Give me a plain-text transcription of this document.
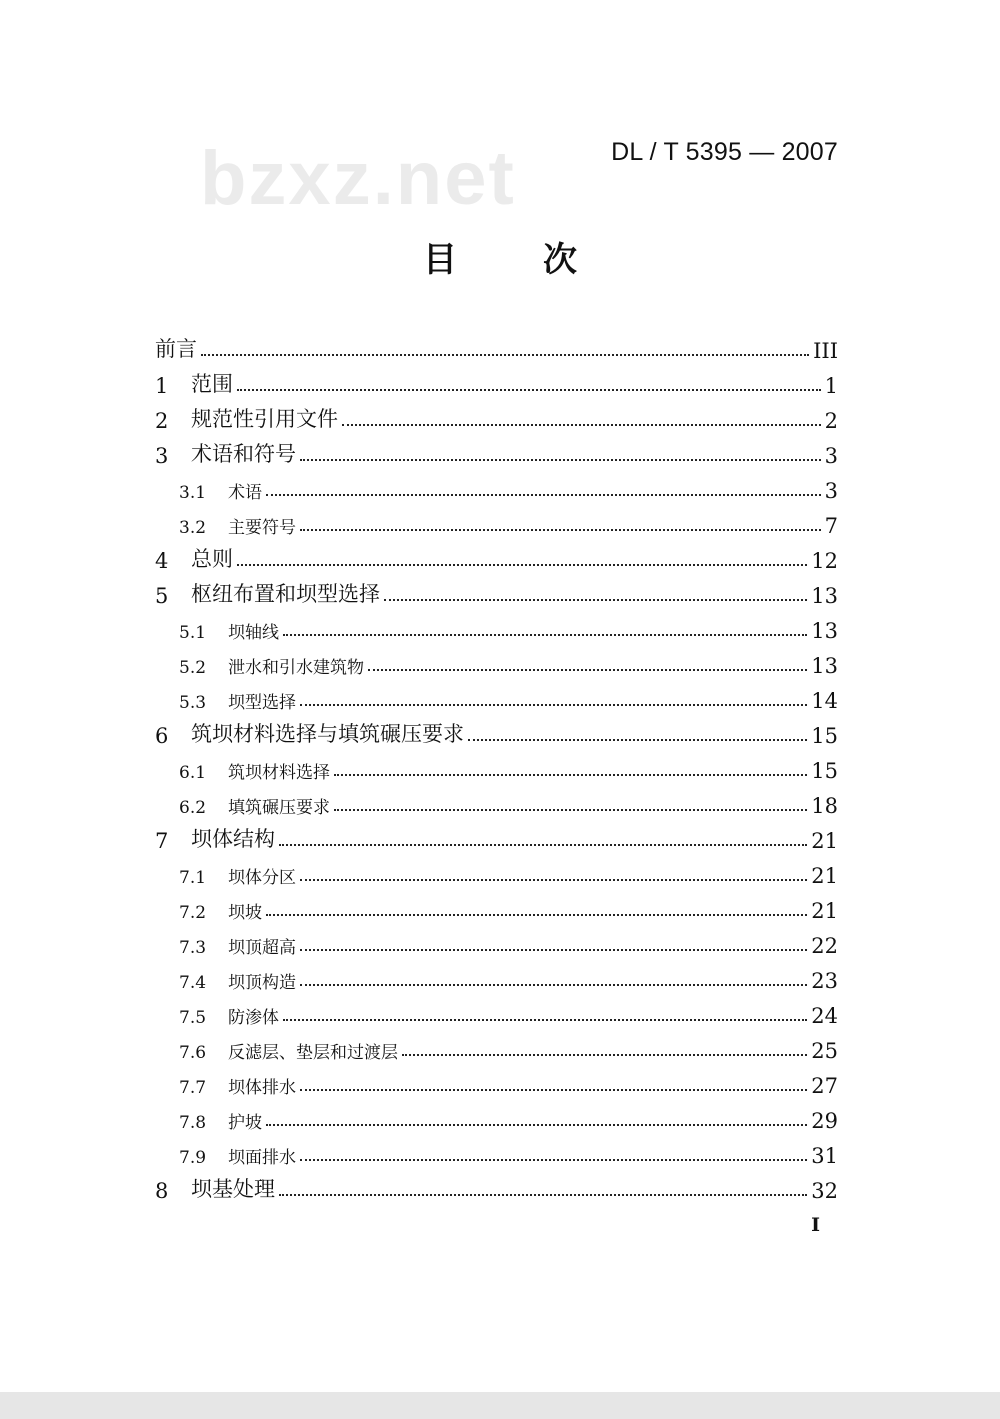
bzxz.net	DL / T 5395 — 2007
目次
前言	III
1	范围	1
2	规范性引用文件	2
3	术语和符号	3
3.1	术语	3
3.2	主要符号	7
4	总则	12
5	枢纽布置和坝型选择	13
5.1	坝轴线	13
5.2	泄水和引水建筑物	13
5.3	坝型选择	14
6	筑坝材料选择与填筑碾压要求	15
6.1	筑坝材料选择	15
6.2	填筑碾压要求	18
7	坝体结构	21
7.1	坝体分区	21
7.2	坝坡	21
7.3	坝顶超高	22
7.4	坝顶构造	23
7.5	防渗体	24
7.6	反滤层、垫层和过渡层	25
7.7	坝体排水	27
7.8	护坡	29
7.9	坝面排水	31
8	坝基处理	32
I
